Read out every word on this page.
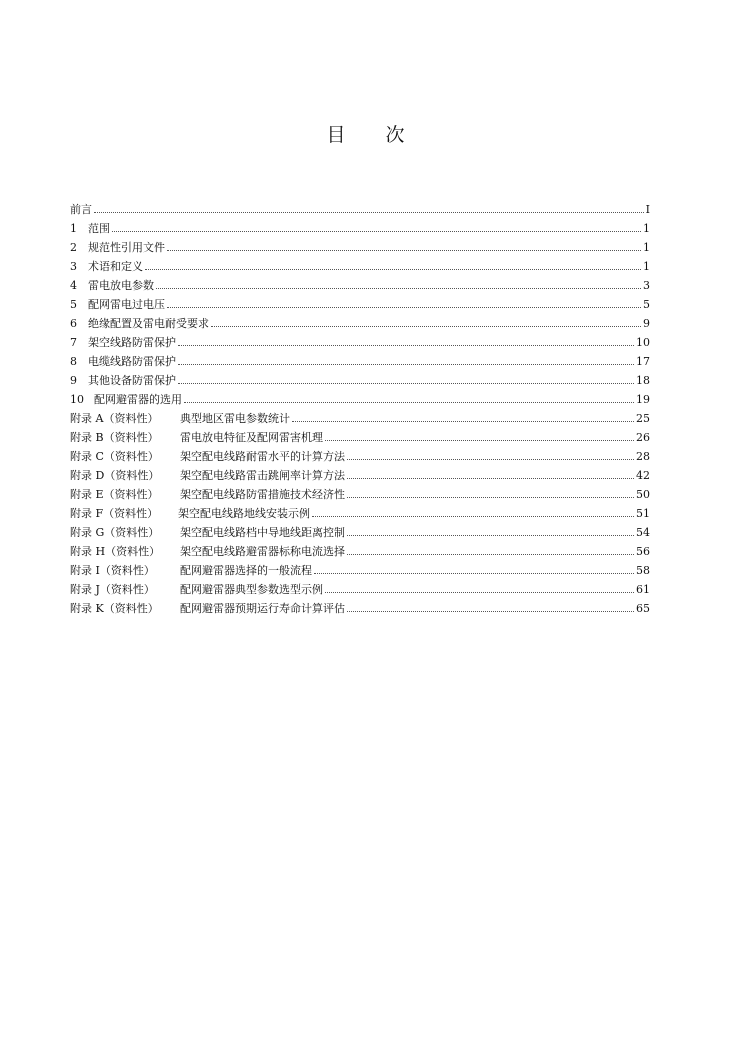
目 次
前言	I
1	范围	1
2	规范性引用文件	1
3	术语和定义	1
4	雷电放电参数	3
5	配网雷电过电压	5
6	绝缘配置及雷电耐受要求	9
7	架空线路防雷保护	10
8	电缆线路防雷保护	17
9	其他设备防雷保护	18
10 配网避雷器的选用	19
附录 A（资料性）	典型地区雷电参数统计	25
附录 B（资料性）	雷电放电特征及配网雷害机理	26
附录 C（资料性）	架空配电线路耐雷水平的计算方法	28
附录 D（资料性）	架空配电线路雷击跳闸率计算方法	42
附录 E（资料性）	架空配电线路防雷措施技术经济性	50
附录 F（资料性）	架空配电线路地线安装示例	51
附录 G（资料性）	架空配电线路档中导地线距离控制	54
附录 H（资料性）	架空配电线路避雷器标称电流选择	56
附录 I（资料性）	配网避雷器选择的一般流程	58
附录 J（资料性）	配网避雷器典型参数选型示例	61
附录 K（资料性）	配网避雷器预期运行寿命计算评估	65
